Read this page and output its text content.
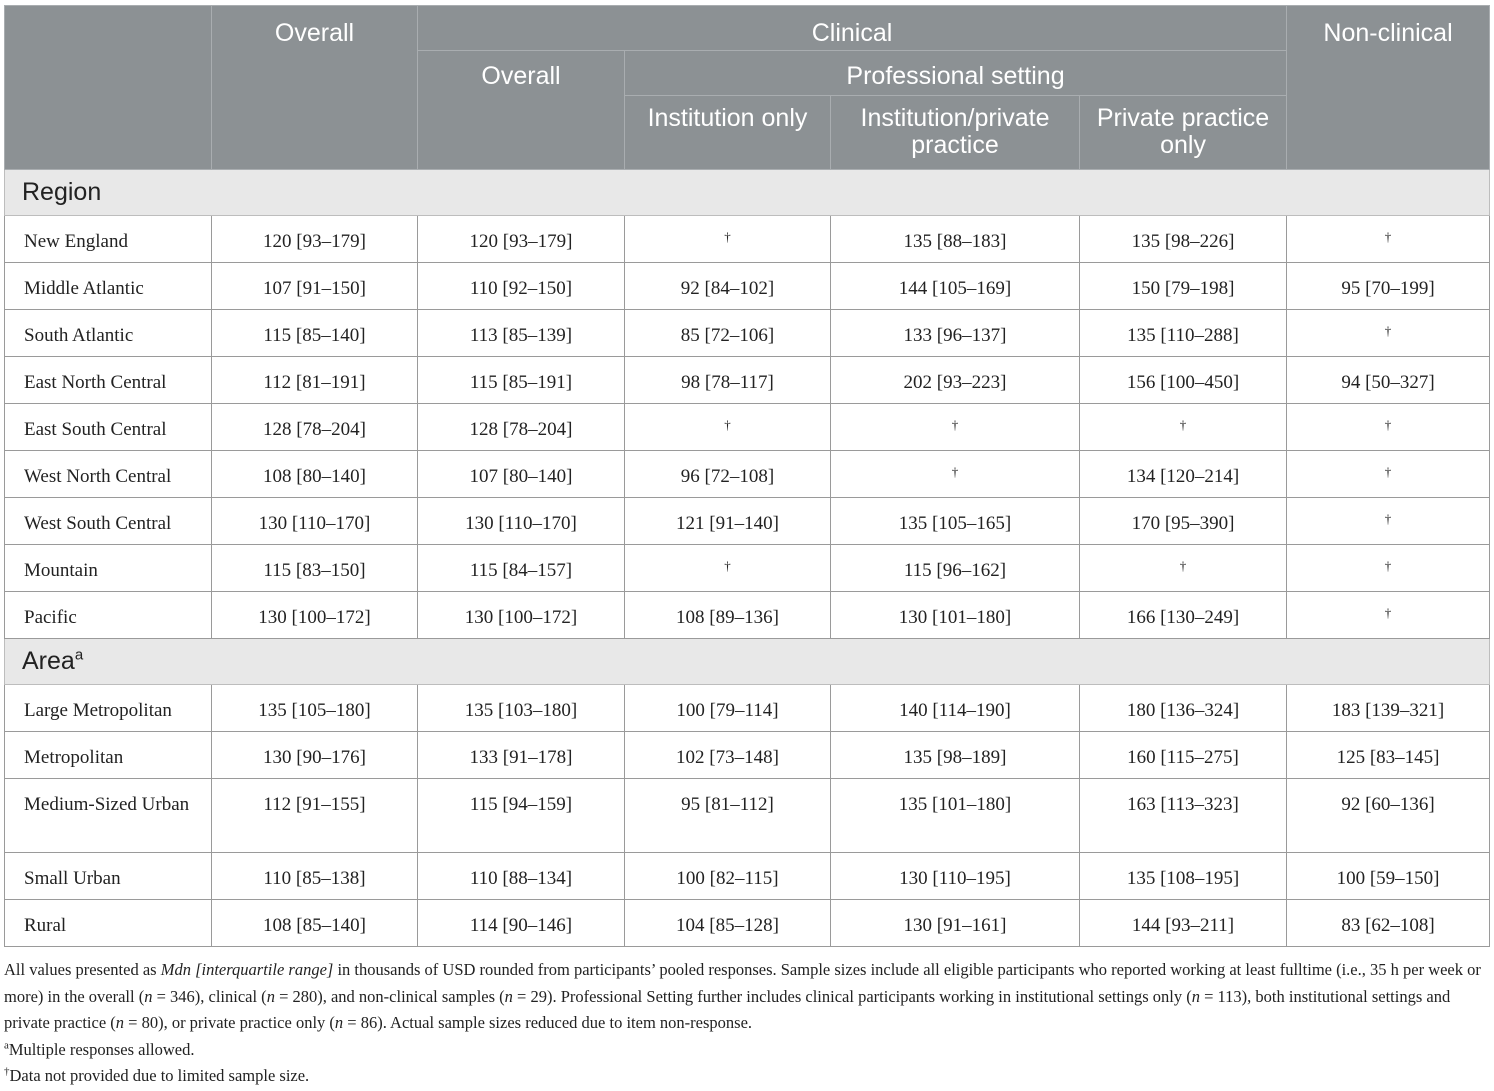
	Overall	Clinical				Non-clinical
		Overall	Professional setting			
			Institution only	Institution/private practice	Private practice only	
Region						
New England	120 [93–179]	120 [93–179]	†	135 [88–183]	135 [98–226]	†
Middle Atlantic	107 [91–150]	110 [92–150]	92 [84–102]	144 [105–169]	150 [79–198]	95 [70–199]
South Atlantic	115 [85–140]	113 [85–139]	85 [72–106]	133 [96–137]	135 [110–288]	†
East North Central	112 [81–191]	115 [85–191]	98 [78–117]	202 [93–223]	156 [100–450]	94 [50–327]
East South Central	128 [78–204]	128 [78–204]	†	†	†	†
West North Central	108 [80–140]	107 [80–140]	96 [72–108]	†	134 [120–214]	†
West South Central	130 [110–170]	130 [110–170]	121 [91–140]	135 [105–165]	170 [95–390]	†
Mountain	115 [83–150]	115 [84–157]	†	115 [96–162]	†	†
Pacific	130 [100–172]	130 [100–172]	108 [89–136]	130 [101–180]	166 [130–249]	†
Area$^a$
Large Metropolitan	135 [105–180]	135 [103–180]	100 [79–114]	140 [114–190]	180 [136–324]	183 [139–321]
Metropolitan	130 [90–176]	133 [91–178]	102 [73–148]	135 [98–189]	160 [115–275]	125 [83–145]
Medium-Sized Urban	112 [91–155]	115 [94–159]	95 [81–112]	135 [101–180]	163 [113–323]	92 [60–136]
Small Urban	110 [85–138]	110 [88–134]	100 [82–115]	130 [110–195]	135 [108–195]	100 [59–150]
Rural	108 [85–140]	114 [90–146]	104 [85–128]	130 [91–161]	144 [93–211]	83 [62–108]

All values presented as Mdn [interquartile range] in thousands of USD rounded from participants’ pooled responses. Sample sizes include all eligible participants who reported working at least fulltime (i.e., 35 h per week or more) in the overall (n = 346), clinical (n = 280), and non-clinical samples (n = 29). Professional Setting further includes clinical participants working in institutional settings only (n = 113), both institutional settings and private practice (n = 80), or private practice only (n = 86). Actual sample sizes reduced due to item non-response.

$^a$Multiple responses allowed.

†Data not provided due to limited sample size.
